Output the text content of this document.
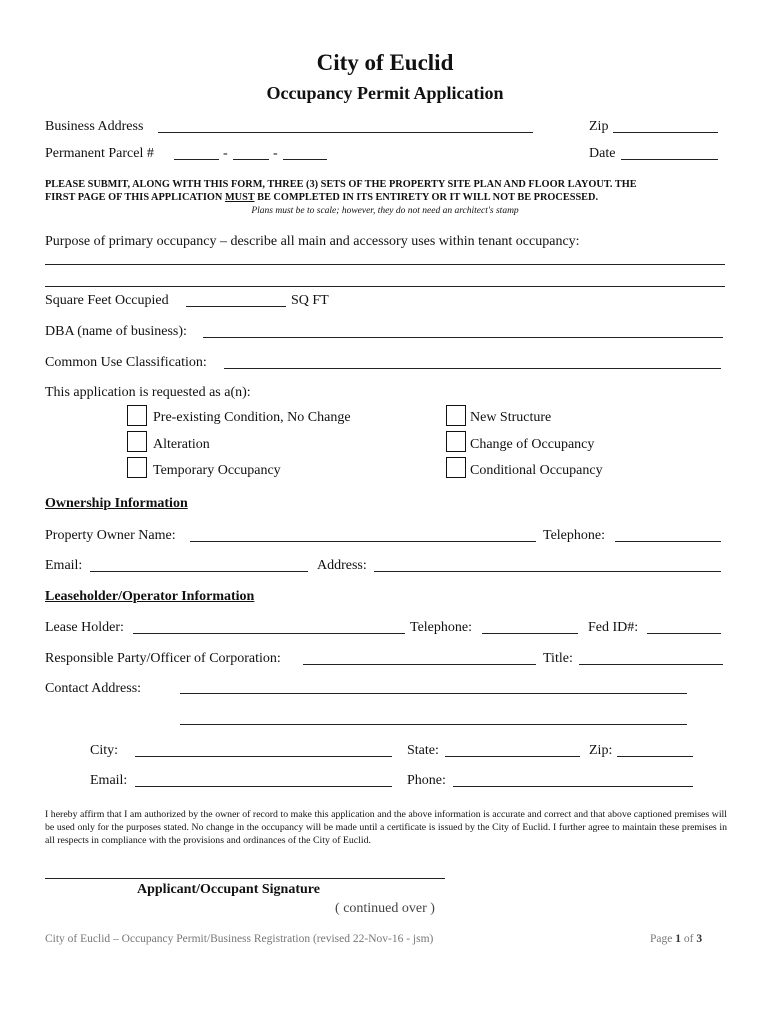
City of Euclid
Occupancy Permit Application
Business Address	Zip
Permanent Parcel #	-	-	Date
PLEASE SUBMIT, ALONG WITH THIS FORM, THREE (3) SETS OF THE PROPERTY SITE PLAN AND FLOOR LAYOUT. THE
FIRST PAGE OF THIS APPLICATION MUST BE COMPLETED IN ITS ENTIRETY OR IT WILL NOT BE PROCESSED.
Plans must be to scale; however, they do not need an architect's stamp
Purpose of primary occupancy – describe all main and accessory uses within tenant occupancy:
Square Feet Occupied	SQ FT
DBA (name of business):
Common Use Classification:
This application is requested as a(n):
Pre-existing Condition, No Change
Alteration
Temporary Occupancy
New Structure
Change of Occupancy
Conditional Occupancy
Ownership Information
Property Owner Name:	Telephone:
Email:	Address:
Leaseholder/Operator Information
Lease Holder:	Telephone:	Fed ID#:
Responsible Party/Officer of Corporation:	Title:
Contact Address:
City:	State:	Zip:
Email:	Phone:
I hereby affirm that I am authorized by the owner of record to make this application and the above information is accurate and correct and that above captioned premises will be used only for the purposes stated. No change in the occupancy will be made until a certificate is issued by the City of Euclid. I further agree to maintain these premises in all respects in compliance with the provisions and ordinances of the City of Euclid.
Applicant/Occupant Signature
( continued over )
City of Euclid – Occupancy Permit/Business Registration (revised 22-Nov-16 - jsm)	Page 1 of 3
